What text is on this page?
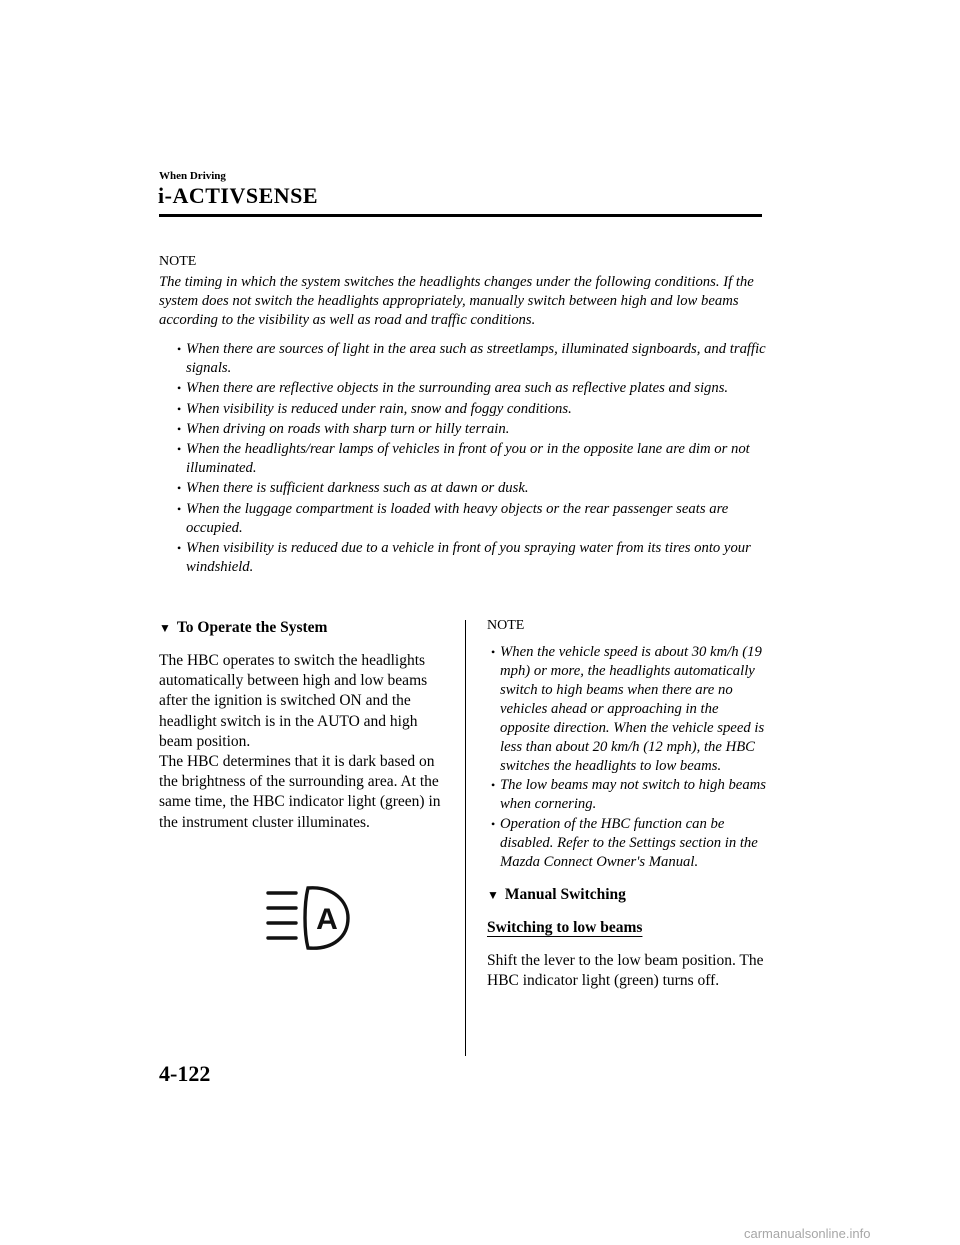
When Driving
i-ACTIVSENSE
NOTE

The timing in which the system switches the headlights changes under the following conditions. If the system does not switch the headlights appropriately, manually switch between high and low beams according to the visibility as well as road and traffic conditions.

• When there are sources of light in the area such as streetlamps, illuminated signboards, and traffic signals.
• When there are reflective objects in the surrounding area such as reflective plates and signs.
• When visibility is reduced under rain, snow and foggy conditions.
• When driving on roads with sharp turn or hilly terrain.
• When the headlights/rear lamps of vehicles in front of you or in the opposite lane are dim or not illuminated.
• When there is sufficient darkness such as at dawn or dusk.
• When the luggage compartment is loaded with heavy objects or the rear passenger seats are occupied.
• When visibility is reduced due to a vehicle in front of you spraying water from its tires onto your windshield.
▼ To Operate the System

The HBC operates to switch the headlights automatically between high and low beams after the ignition is switched ON and the headlight switch is in the AUTO and high beam position.

The HBC determines that it is dark based on the brightness of the surrounding area. At the same time, the HBC indicator light (green) in the instrument cluster illuminates.

A
NOTE
• When the vehicle speed is about 30 km/h (19 mph) or more, the headlights automatically switch to high beams when there are no vehicles ahead or approaching in the opposite direction. When the vehicle speed is less than about 20 km/h (12 mph), the HBC switches the headlights to low beams.
• The low beams may not switch to high beams when cornering.
• Operation of the HBC function can be disabled. Refer to the Settings section in the Mazda Connect Owner's Manual.
▼ Manual Switching
Switching to low beams

Shift the lever to the low beam position. The HBC indicator light (green) turns off.

4-122
carmanualsonline.info
